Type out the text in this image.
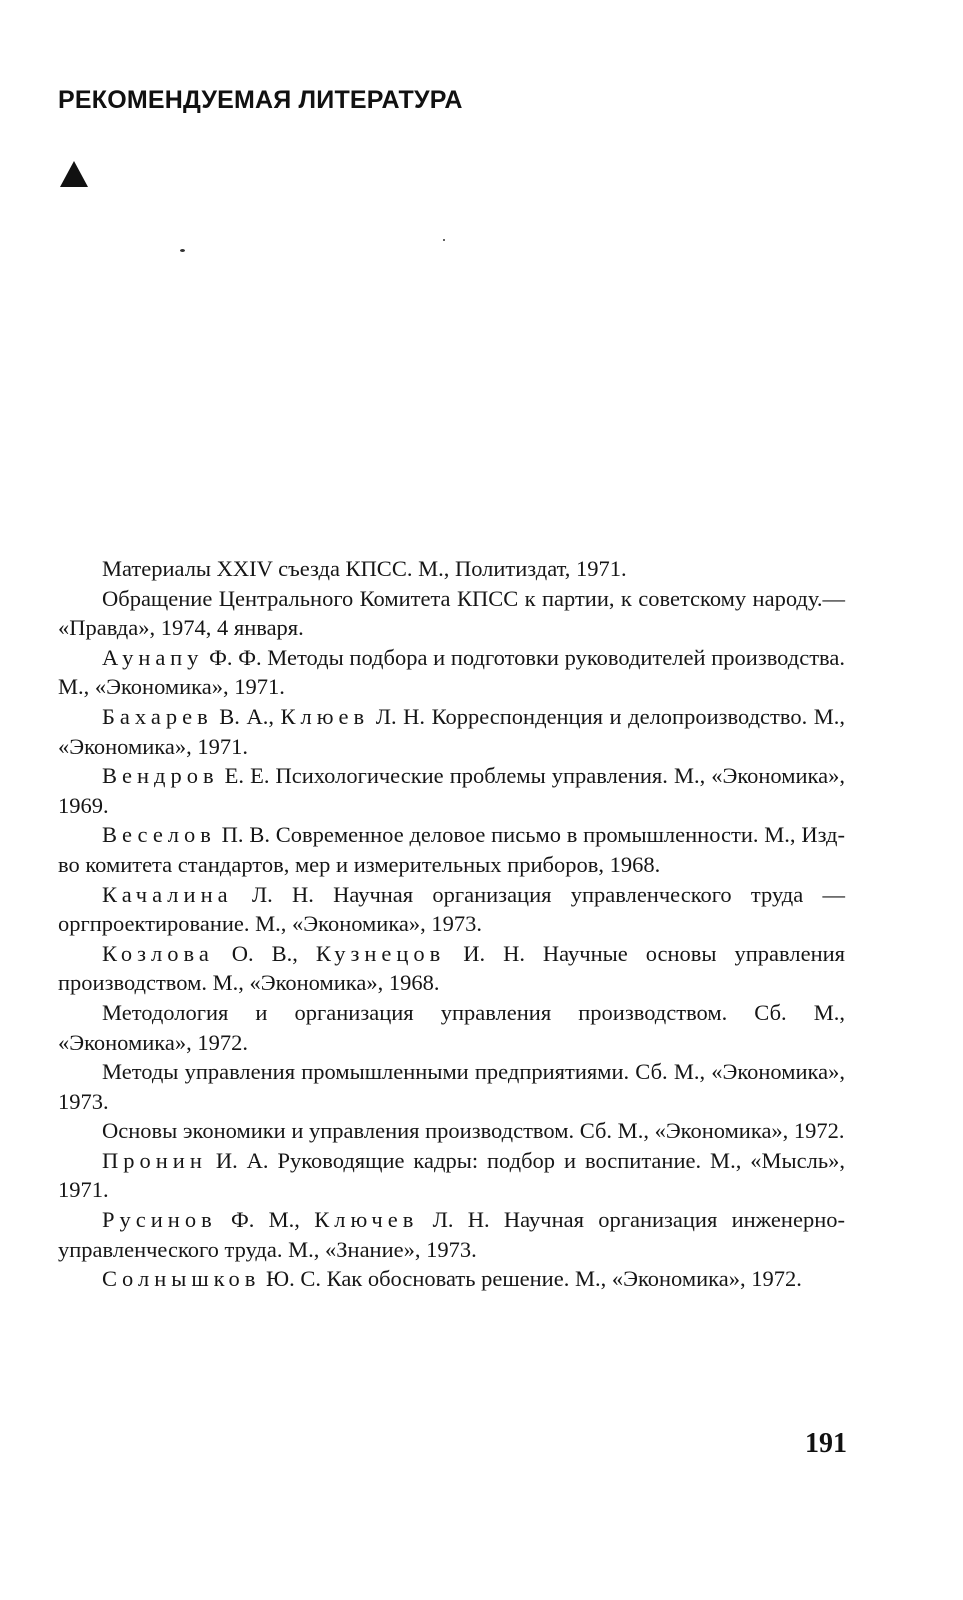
РЕКОМЕНДУЕМАЯ ЛИТЕРАТУРА

Материалы XXIV съезда КПСС. М., Политиздат, 1971.

Обращение Центрального Комитета КПСС к партии, к советскому народу.— «Правда», 1974, 4 января.

Аунапу Ф. Ф. Методы подбора и подготовки руководителей производства. М., «Экономика», 1971.

Бахарев В. А., Клюев Л. Н. Корреспонденция и делопроизводство. М., «Экономика», 1971.

Вендров Е. Е. Психологические проблемы управления. М., «Экономика», 1969.

Веселов П. В. Современное деловое письмо в промышленности. М., Изд-во комитета стандартов, мер и измерительных приборов, 1968.

Качалина Л. Н. Научная организация управленческого труда — оргпроектирование. М., «Экономика», 1973.

Козлова О. В., Кузнецов И. Н. Научные основы управления производством. М., «Экономика», 1968.

Методология и организация управления производством. Сб. М., «Экономика», 1972.

Методы управления промышленными предприятиями. Сб. М., «Экономика», 1973.

Основы экономики и управления производством. Сб. М., «Экономика», 1972.

Пронин И. А. Руководящие кадры: подбор и воспитание. М., «Мысль», 1971.

Русинов Ф. М., Ключев Л. Н. Научная организация инженерно-управленческого труда. М., «Знание», 1973.

Солнышков Ю. С. Как обосновать решение. М., «Экономика», 1972.

191
